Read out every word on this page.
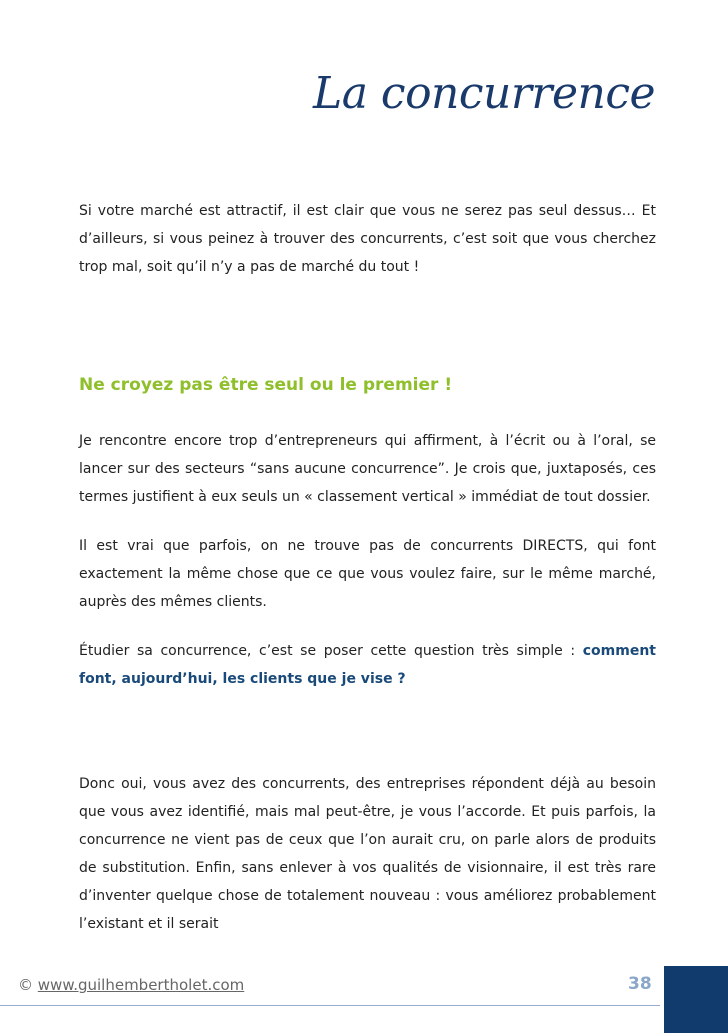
La concurrence

Si votre marché est attractif, il est clair que vous ne serez pas seul dessus… Et d’ailleurs, si vous peinez à trouver des concurrents, c’est soit que vous cherchez trop mal, soit qu’il n’y a pas de marché du tout !

Ne croyez pas être seul ou le premier !

Je rencontre encore trop d’entrepreneurs qui affirment, à l’écrit ou à l’oral, se lancer sur des secteurs “sans aucune concurrence”. Je crois que, juxtaposés, ces termes justifient à eux seuls un « classement vertical » immédiat de tout dossier.

Il est vrai que parfois, on ne trouve pas de concurrents DIRECTS, qui font exactement la même chose que ce que vous voulez faire, sur le même marché, auprès des mêmes clients.

Étudier sa concurrence, c’est se poser cette question très simple : comment font, aujourd’hui, les clients que je vise ?

Donc oui, vous avez des concurrents, des entreprises répondent déjà au besoin que vous avez identifié, mais mal peut-être, je vous l’accorde. Et puis parfois, la concurrence ne vient pas de ceux que l’on aurait cru, on parle alors de produits de substitution. Enfin, sans enlever à vos qualités de visionnaire, il est très rare d’inventer quelque chose de totalement nouveau : vous améliorez probablement l’existant et il serait

© www.guilhembertholet.com	38
